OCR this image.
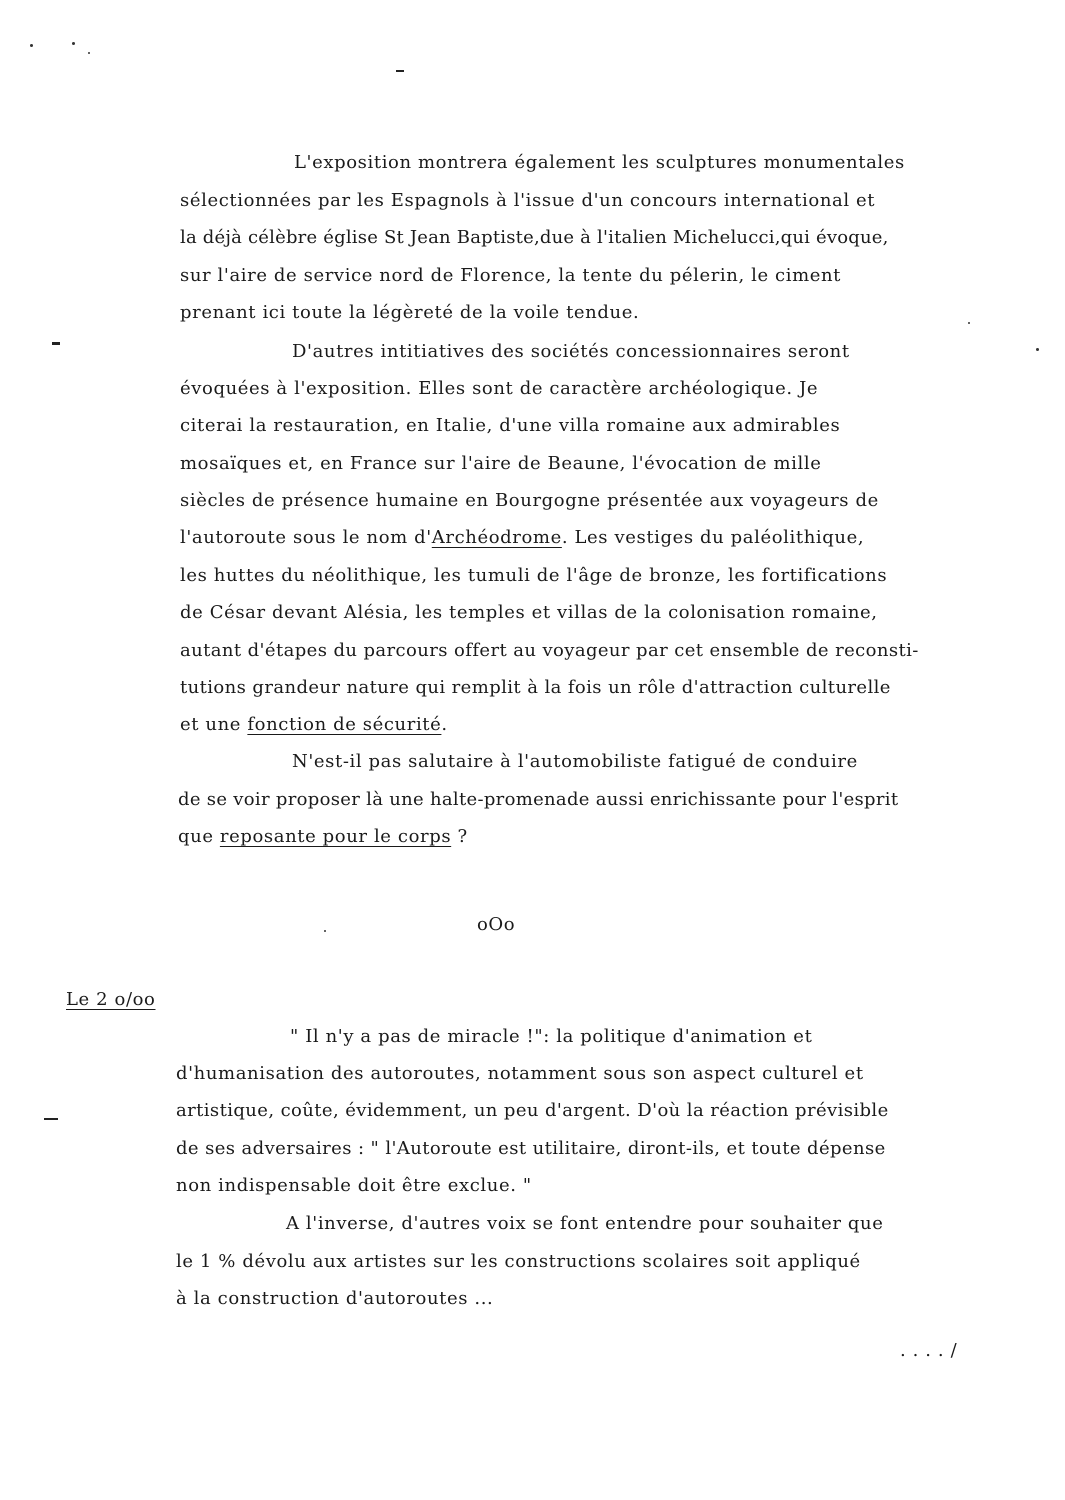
L'exposition montrera également les sculptures monumentales
sélectionnées par les Espagnols à l'issue d'un concours international et
la déjà célèbre église St Jean Baptiste,due à l'italien Michelucci,qui évoque,
sur l'aire de service nord de Florence, la tente du pélerin, le ciment
prenant ici toute la légèreté de la voile tendue.
D'autres intitiatives des sociétés concessionnaires seront
évoquées à l'exposition. Elles sont de caractère archéologique. Je
citerai la restauration, en Italie, d'une villa romaine aux admirables
mosaïques et, en France sur l'aire de Beaune, l'évocation de mille
siècles de présence humaine en Bourgogne présentée aux voyageurs de
l'autoroute sous le nom d'Archéodrome. Les vestiges du paléolithique,
les huttes du néolithique, les tumuli de l'âge de bronze, les fortifications
de César devant Alésia, les temples et villas de la colonisation romaine,
autant d'étapes du parcours offert au voyageur par cet ensemble de reconsti-
tutions grandeur nature qui remplit à la fois un rôle d'attraction culturelle
et une fonction de sécurité.
N'est-il pas salutaire à l'automobiliste fatigué de conduire
de se voir proposer là une halte-promenade aussi enrichissante pour l'esprit
que reposante pour le corps ?
oOo
Le 2 o/oo
" Il n'y a pas de miracle !": la politique d'animation et
d'humanisation des autoroutes, notamment sous son aspect culturel et
artistique, coûte, évidemment, un peu d'argent. D'où la réaction prévisible
de ses adversaires : " l'Autoroute est utilitaire, diront-ils, et toute dépense
non indispensable doit être exclue. "
A l'inverse, d'autres voix se font entendre pour souhaiter que
le 1 % dévolu aux artistes sur les constructions scolaires soit appliqué
à la construction d'autoroutes ...
. . . . /
